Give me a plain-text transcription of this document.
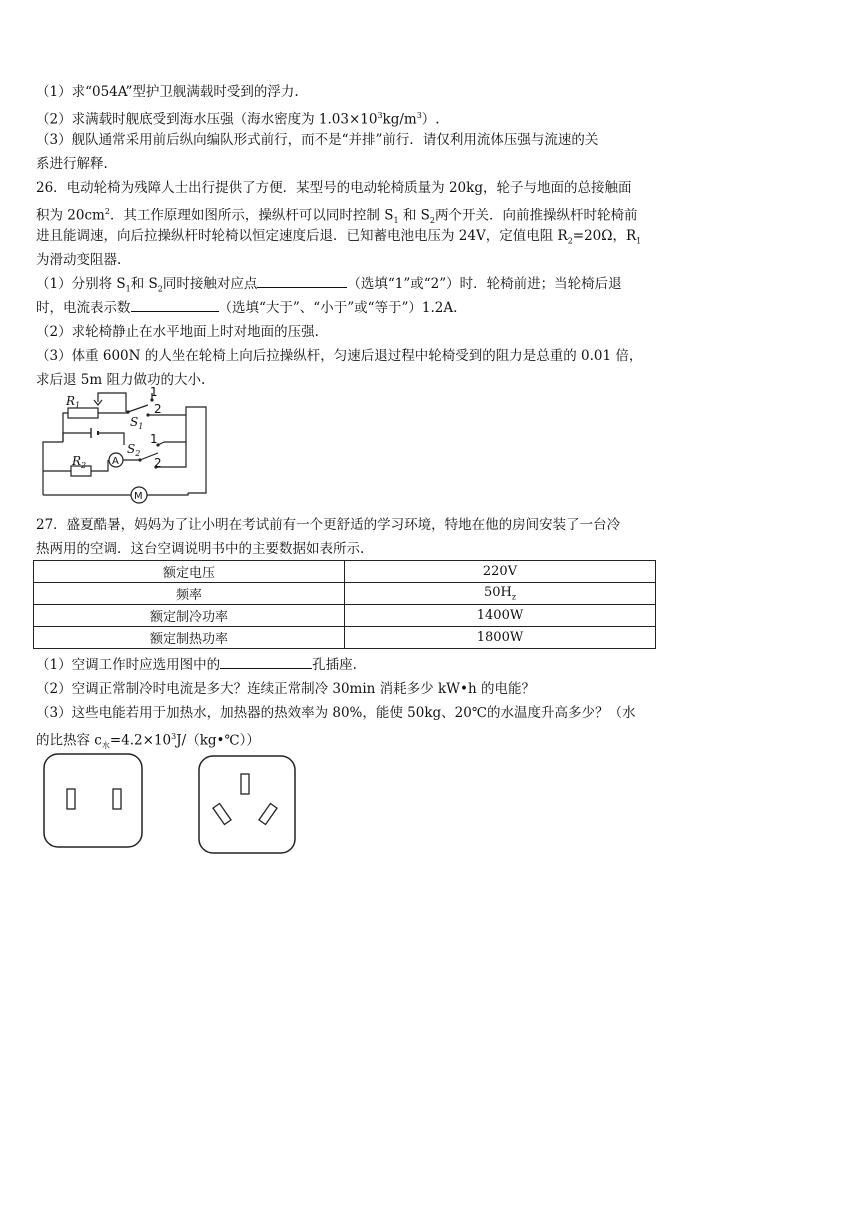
（1）求“054A”型护卫舰满载时受到的浮力.
（2）求满载时舰底受到海水压强（海水密度为 $1.03\times 10^3kg/m^3$）.
（3）舰队通常采用前后纵向编队形式前行，而不是“并排”前行．请仅利用流体压强与流速的关
系进行解释.
26．电动轮椅为残障人士出行提供了方便．某型号的电动轮椅质量为 20kg，轮子与地面的总接触面
积为 $20cm^2$．其工作原理如图所示，操纵杆可以同时控制 $S_1$ 和 $S_2$两个开关．向前推操纵杆时轮椅前
进且能调速，向后拉操纵杆时轮椅以恒定速度后退．已知蓄电池电压为 24V，定值电阻 $R_2=20\Omega$，$R_1$
为滑动变阻器.
（1）分别将 $S_1$和 $S_2$同时接触对应点	（选填“1”或“2”）时．轮椅前进；当轮椅后退
时，电流表示数	（选填“大于”、“小于”或“等于”）1.2A.
（2）求轮椅静止在水平地面上时对地面的压强.
（3）体重 600N 的人坐在轮椅上向后拉操纵杆，匀速后退过程中轮椅受到的阻力是总重的 0.01 倍，
求后退 5m 阻力做功的大小.
$R_1$
$R_2$
$S_1$
$S_2$
1
2
1
2
A
M
27．盛夏酷暑，妈妈为了让小明在考试前有一个更舒适的学习环境，特地在他的房间安装了一台冷
热两用的空调．这台空调说明书中的主要数据如表所示.
额定电压	220V
频率	$50H_z$
额定制冷功率	1400W
额定制热功率	1800W
（1）空调工作时应选用图中的	孔插座.
（2）空调正常制冷时电流是多大？连续正常制冷 30min 消耗多少 kW•h 的电能？
（3）这些电能若用于加热水，加热器的热效率为 80%，能使 50kg、20℃的水温度升高多少？（水
的比热容 $c_水=4.2\times 10^3J/(kg•℃)$）
